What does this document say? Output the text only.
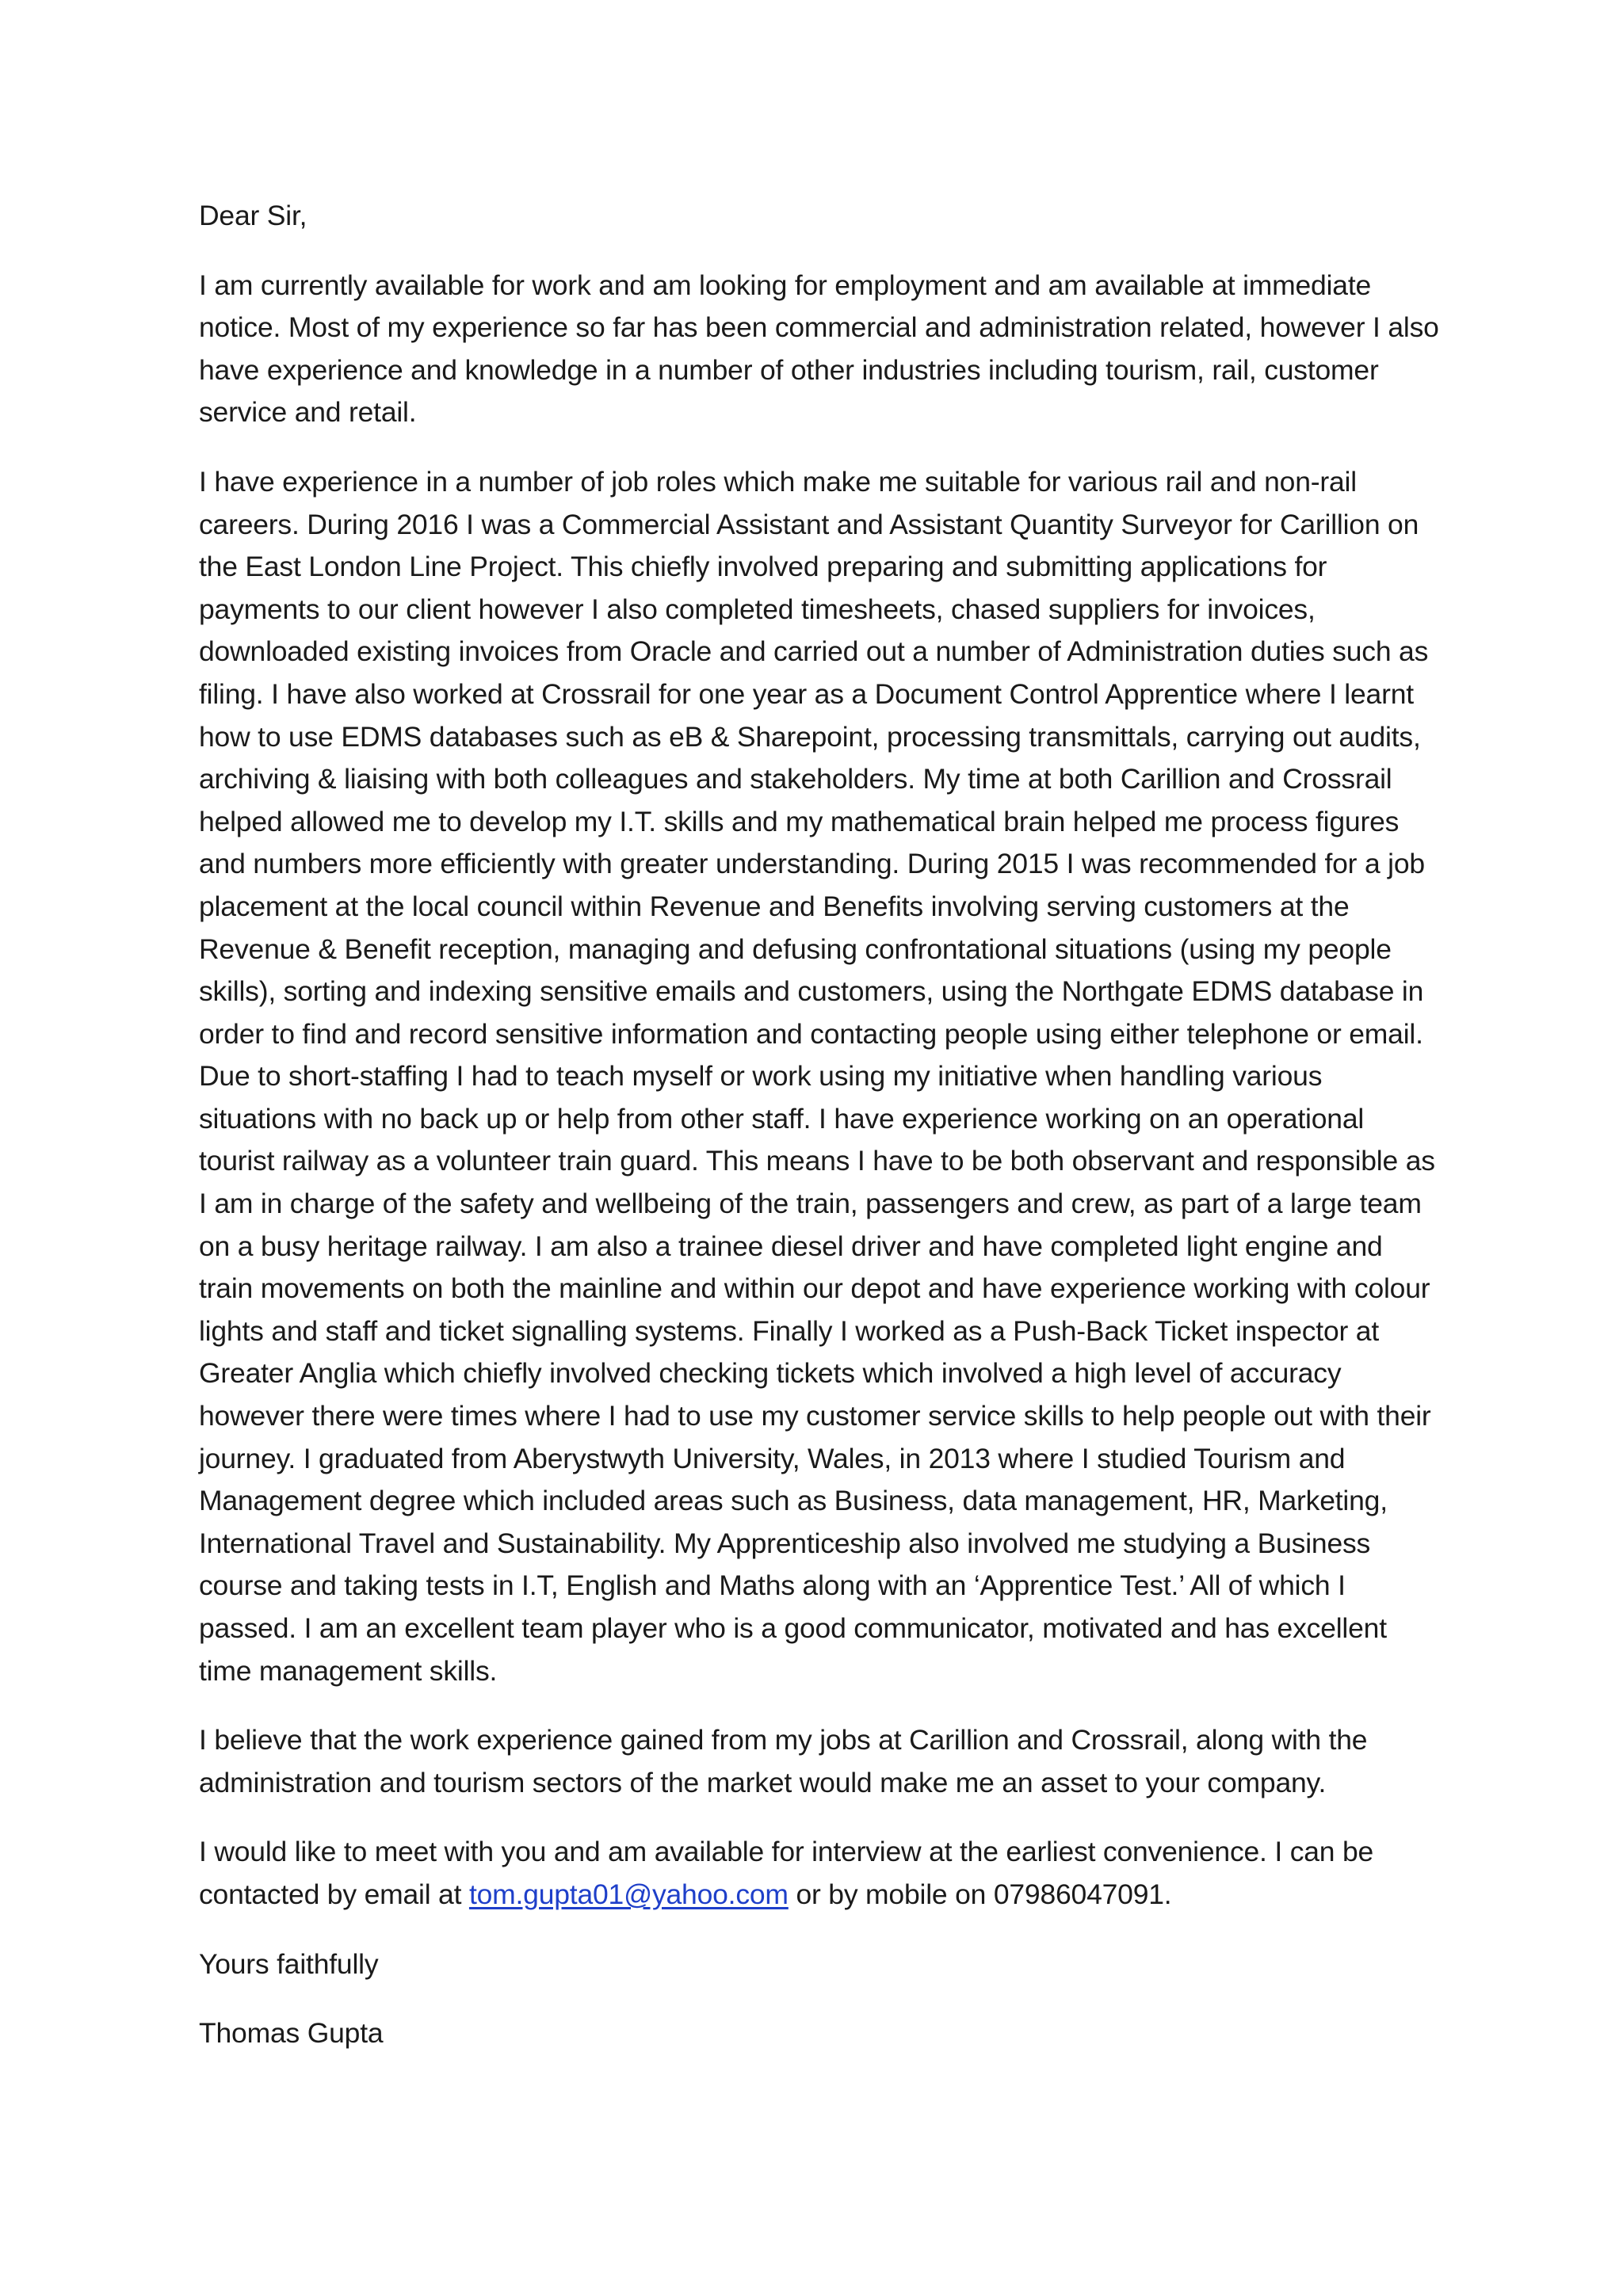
Dear Sir,

I am currently available for work and am looking for employment and am available at immediate notice. Most of my experience so far has been commercial and administration related, however I also have experience and knowledge in a number of other industries including tourism, rail, customer service and retail.

I have experience in a number of job roles which make me suitable for various rail and non-rail careers. During 2016 I was a Commercial Assistant and Assistant Quantity Surveyor for Carillion on the East London Line Project. This chiefly involved preparing and submitting applications for payments to our client however I also completed timesheets, chased suppliers for invoices, downloaded existing invoices from Oracle and carried out a number of Administration duties such as filing. I have also worked at Crossrail for one year as a Document Control Apprentice where I learnt how to use EDMS databases such as eB & Sharepoint, processing transmittals, carrying out audits, archiving & liaising with both colleagues and stakeholders. My time at both Carillion and Crossrail helped allowed me to develop my I.T. skills and my mathematical brain helped me process figures and numbers more efficiently with greater understanding. During 2015 I was recommended for a job placement at the local council within Revenue and Benefits involving serving customers at the Revenue & Benefit reception, managing and defusing confrontational situations (using my people skills), sorting and indexing sensitive emails and customers, using the Northgate EDMS database in order to find and record sensitive information and contacting people using either telephone or email. Due to short-staffing I had to teach myself or work using my initiative when handling various situations with no back up or help from other staff. I have experience working on an operational tourist railway as a volunteer train guard. This means I have to be both observant and responsible as I am in charge of the safety and wellbeing of the train, passengers and crew, as part of a large team on a busy heritage railway. I am also a trainee diesel driver and have completed light engine and train movements on both the mainline and within our depot and have experience working with colour lights and staff and ticket signalling systems. Finally I worked as a Push-Back Ticket inspector at Greater Anglia which chiefly involved checking tickets which involved a high level of accuracy however there were times where I had to use my customer service skills to help people out with their journey. I graduated from Aberystwyth University, Wales, in 2013 where I studied Tourism and Management degree which included areas such as Business, data management, HR, Marketing, International Travel and Sustainability. My Apprenticeship also involved me studying a Business course and taking tests in I.T, English and Maths along with an ‘Apprentice Test.’ All of which I passed. I am an excellent team player who is a good communicator, motivated and has excellent time management skills.

I believe that the work experience gained from my jobs at Carillion and Crossrail, along with the administration and tourism sectors of the market would make me an asset to your company.

I would like to meet with you and am available for interview at the earliest convenience. I can be contacted by email at tom.gupta01@yahoo.com or by mobile on 07986047091.

Yours faithfully

Thomas Gupta
